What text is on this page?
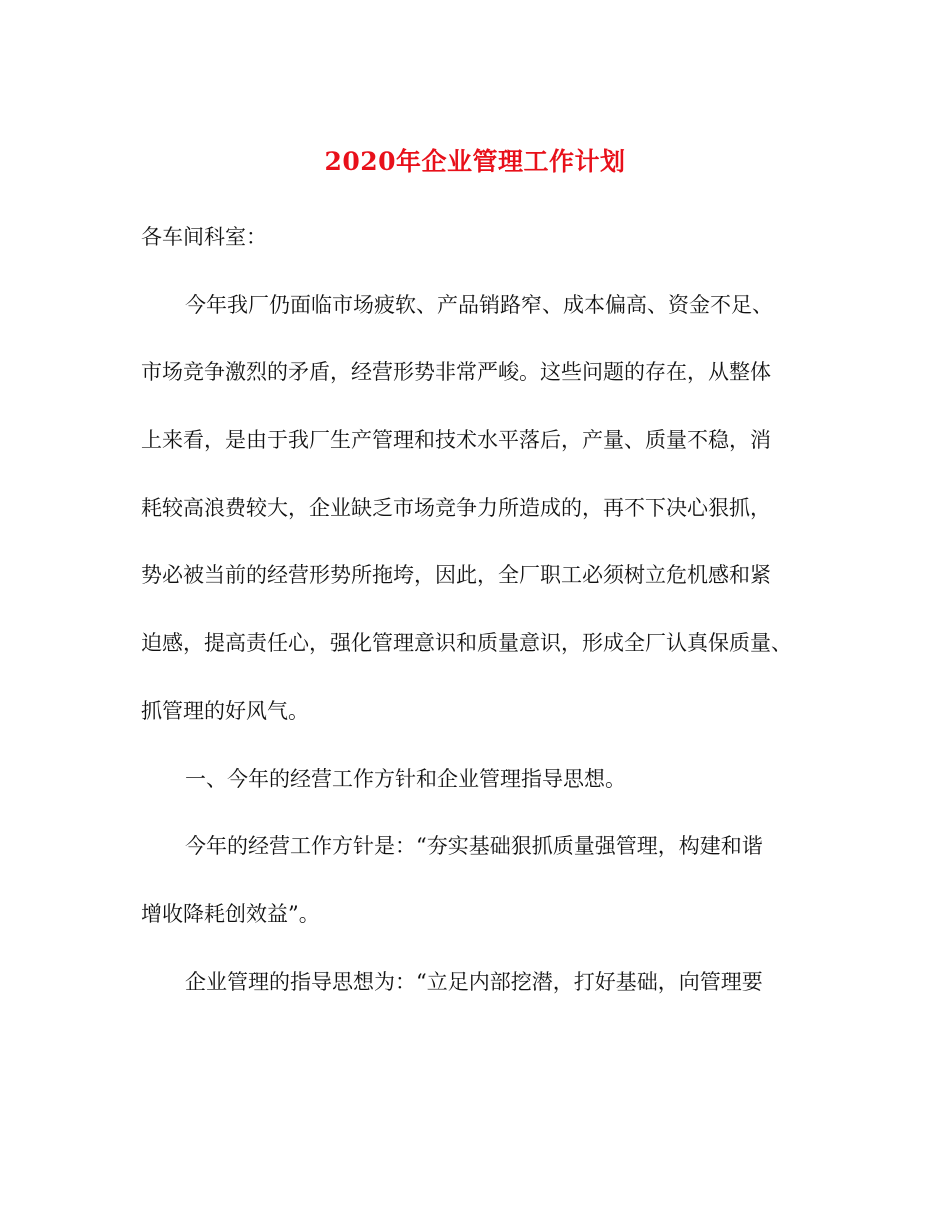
2020年企业管理工作计划
各车间科室：
今年我厂仍面临市场疲软、产品销路窄、成本偏高、资金不足、
市场竞争激烈的矛盾，经营形势非常严峻。这些问题的存在，从整体
上来看，是由于我厂生产管理和技术水平落后，产量、质量不稳，消
耗较高浪费较大，企业缺乏市场竞争力所造成的，再不下决心狠抓，
势必被当前的经营形势所拖垮，因此，全厂职工必须树立危机感和紧
迫感，提高责任心，强化管理意识和质量意识，形成全厂认真保质量、
抓管理的好风气。
一、今年的经营工作方针和企业管理指导思想。
今年的经营工作方针是：“夯实基础狠抓质量强管理，构建和谐
增收降耗创效益”。
企业管理的指导思想为：“立足内部挖潜，打好基础，向管理要
